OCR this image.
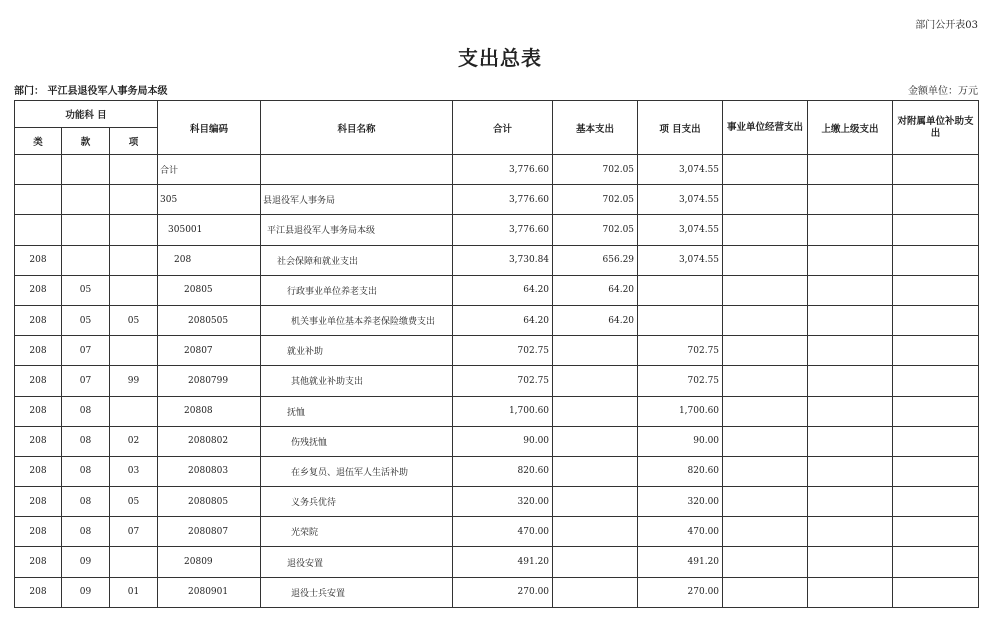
部门公开表03
支出总表
部门： 平江县退役军人事务局本级	金额单位：万元
功能科 目			科目编码	科目名称	合计	基本支出	项 目支出	事业单位经营支出	上缴上级支出	对附属单位补助支出
类	款	项								
			合计		3,776.60	702.05	3,074.55			
			305	县退役军人事务局	3,776.60	702.05	3,074.55			
			305001	平江县退役军人事务局本级	3,776.60	702.05	3,074.55			
208			208	社会保障和就业支出	3,730.84	656.29	3,074.55			
208	05		20805	行政事业单位养老支出	64.20	64.20				
208	05	05	2080505	机关事业单位基本养老保险缴费支出	64.20	64.20				
208	07		20807	就业补助	702.75		702.75			
208	07	99	2080799	其他就业补助支出	702.75		702.75			
208	08		20808	抚恤	1,700.60		1,700.60			
208	08	02	2080802	伤残抚恤	90.00		90.00			
208	08	03	2080803	在乡复员、退伍军人生活补助	820.60		820.60			
208	08	05	2080805	义务兵优待	320.00		320.00			
208	08	07	2080807	光荣院	470.00		470.00			
208	09		20809	退役安置	491.20		491.20			
208	09	01	2080901	退役士兵安置	270.00		270.00			
